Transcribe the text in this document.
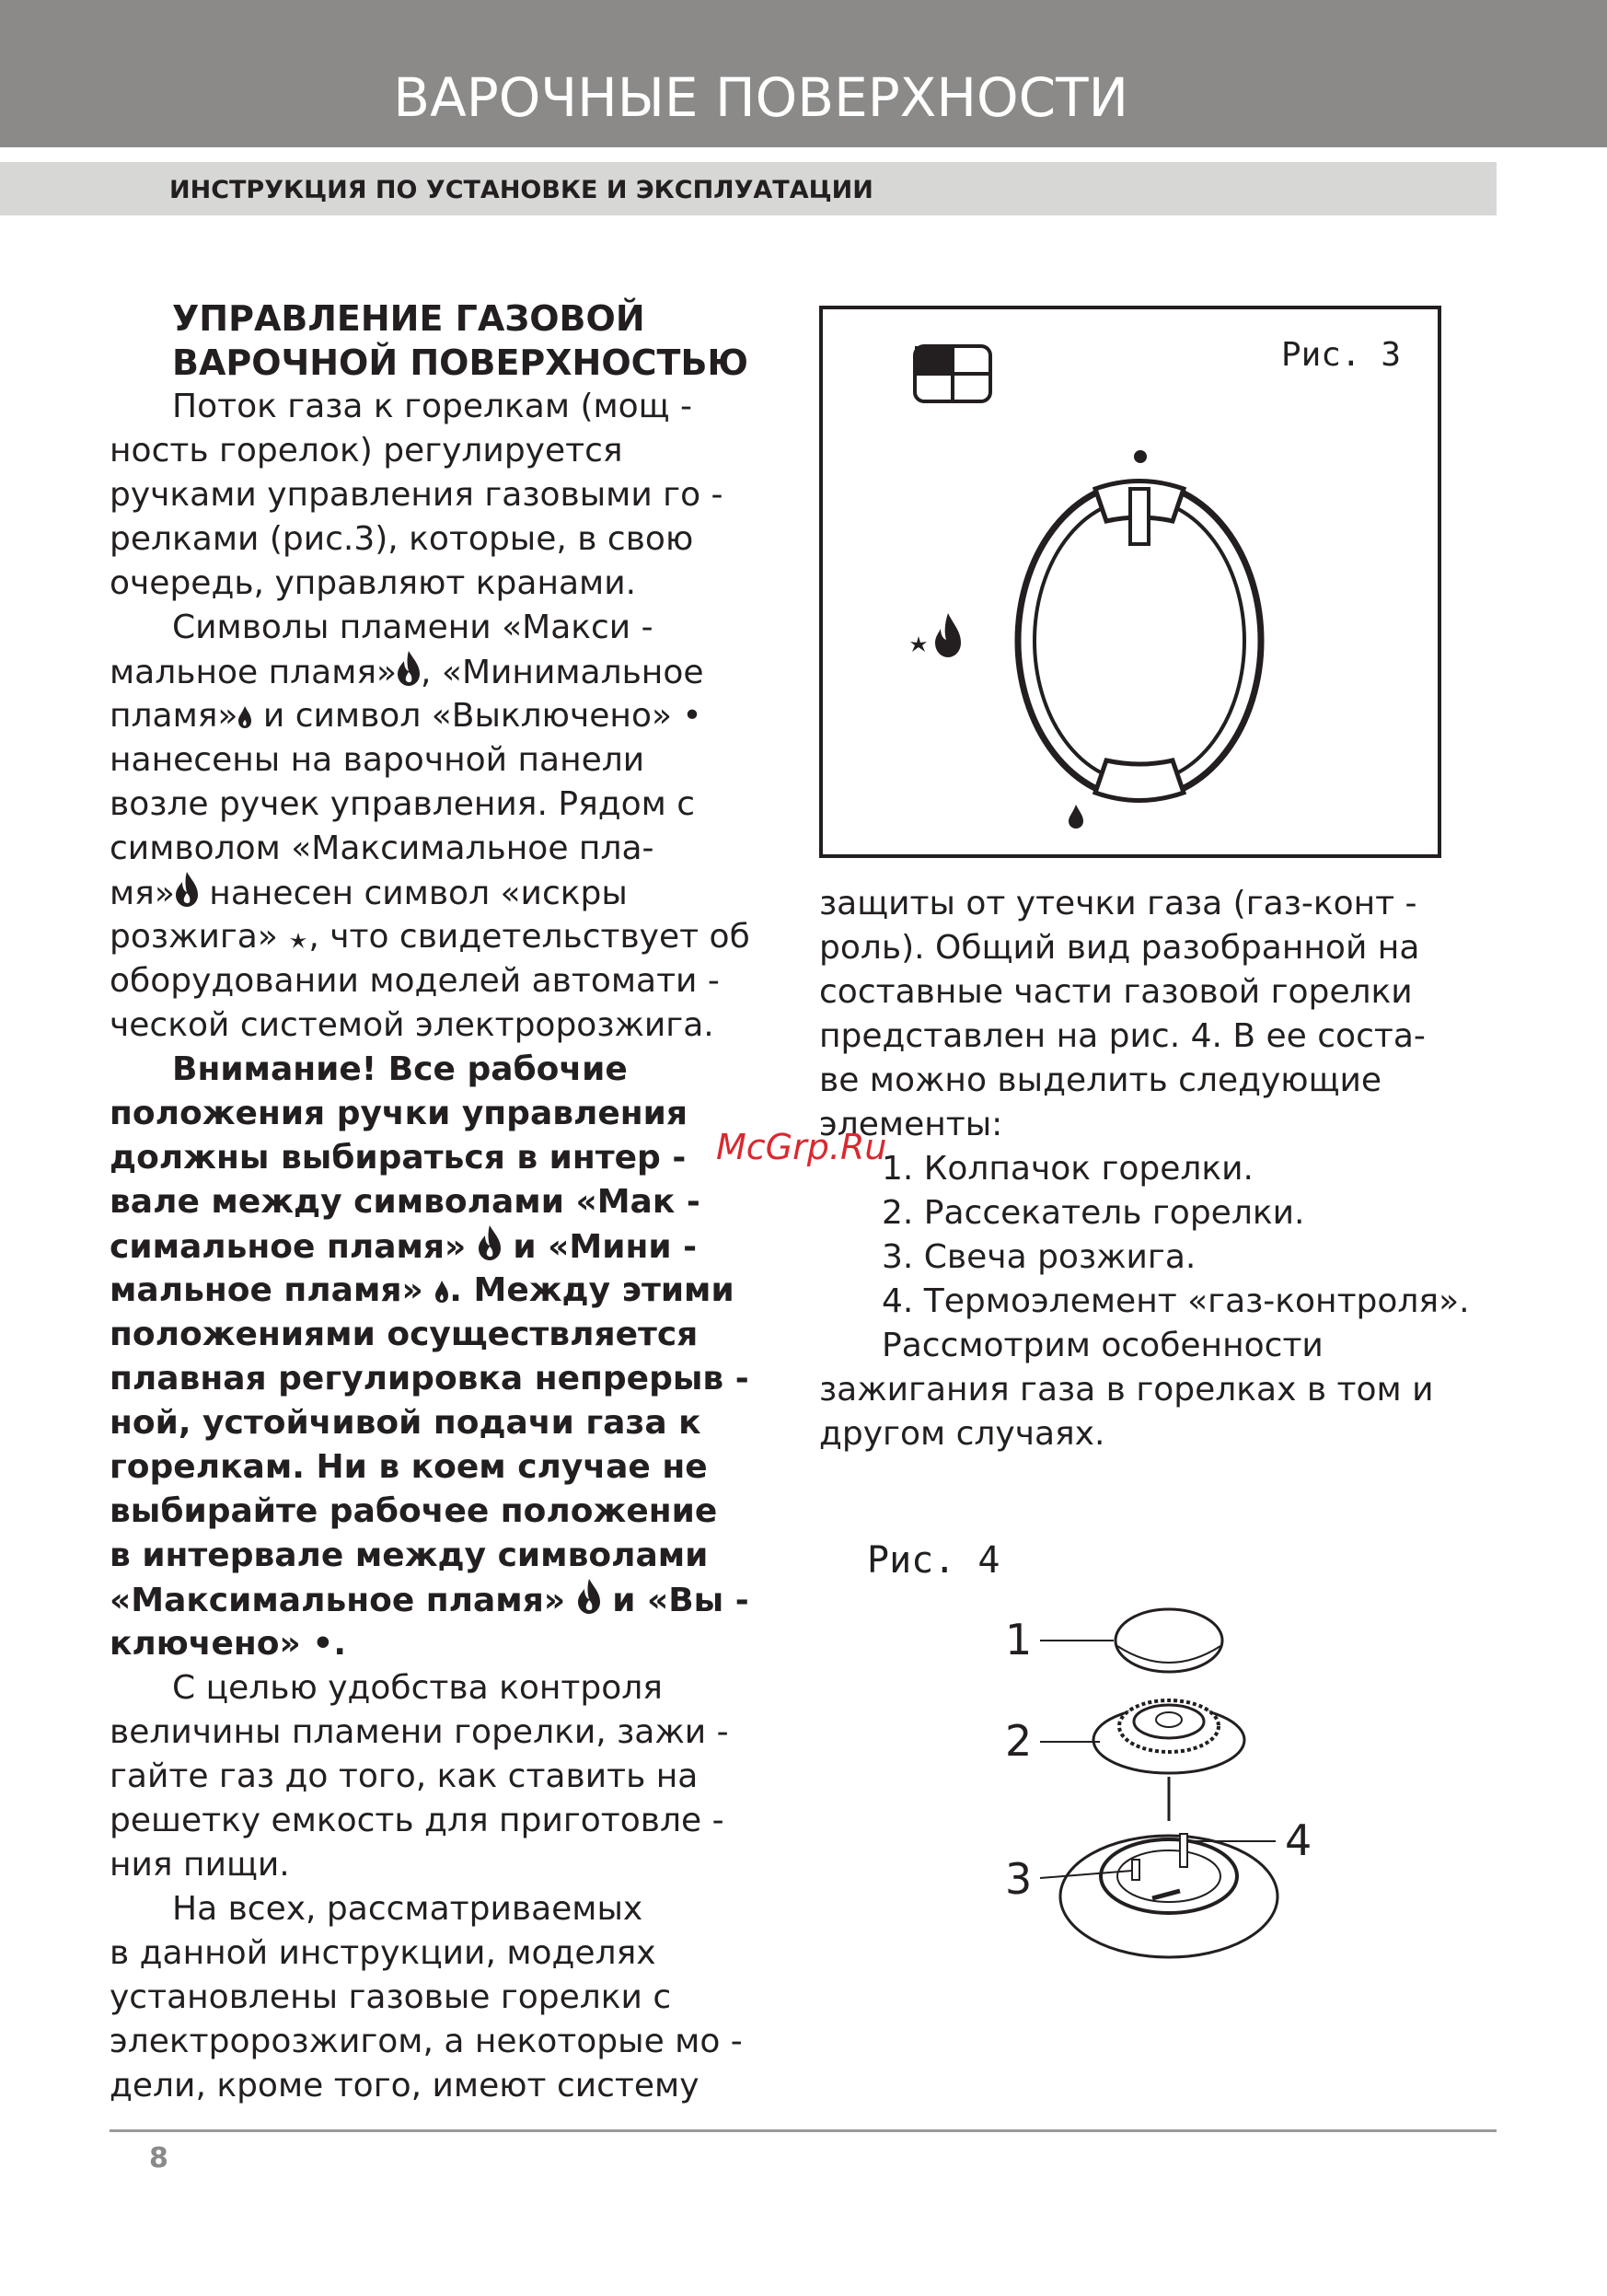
ВАРОЧНЫЕ ПОВЕРХНОСТИ
ИНСТРУКЦИЯ ПО УСТАНОВКЕ И ЭКСПЛУАТАЦИИ
УПРАВЛЕНИЕ ГАЗОВОЙ
ВАРОЧНОЙ ПОВЕРХНОСТЬЮ
Поток газа к горелкам (мощ -
ность горелок) регулируется
ручками управления газовыми го -
релками (рис.3), которые, в свою
очередь, управляют кранами.
Символы пламени «Макси -
мальное пламя» , «Минимальное
пламя» и символ «Выключено» •
нанесены на варочной панели
возле ручек управления. Рядом с
символом «Максимальное пла-
мя» нанесен символ «искры
розжига» , что свидетельствует об
оборудовании моделей автомати -
ческой системой электророзжига.
Внимание! Все рабочие
положения ручки управления
должны выбираться в интер -
вале между символами «Мак -
симальное пламя»  и «Мини -
мальное пламя» . Между этими
положениями осуществляется
плавная регулировка непрерыв -
ной, устойчивой подачи газа к
горелкам. Ни в коем случае не
выбирайте рабочее положение
в интервале между символами
«Максимальное пламя»  и «Вы -
ключено» •.
С целью удобства контроля
величины пламени горелки, зажи -
гайте газ до того, как ставить на
решетку емкость для приготовле -
ния пищи.
На всех, рассматриваемых
в данной инструкции, моделях
установлены газовые горелки с
электророзжигом, а некоторые мо -
дели, кроме того, имеют систему
Рис. 3
защиты от утечки газа (газ-конт -
роль). Общий вид разобранной на
составные части газовой горелки
представлен на рис. 4. В ее соста-
ве можно выделить следующие
элементы:
1. Колпачок горелки.
2. Рассекатель горелки.
3. Свеча розжига.
4. Термоэлемент «газ-контроля».
Рассмотрим особенности
зажигания газа в горелках в том и
другом случаях.
McGrp.Ru
Рис. 4
1
2
3
4
8
